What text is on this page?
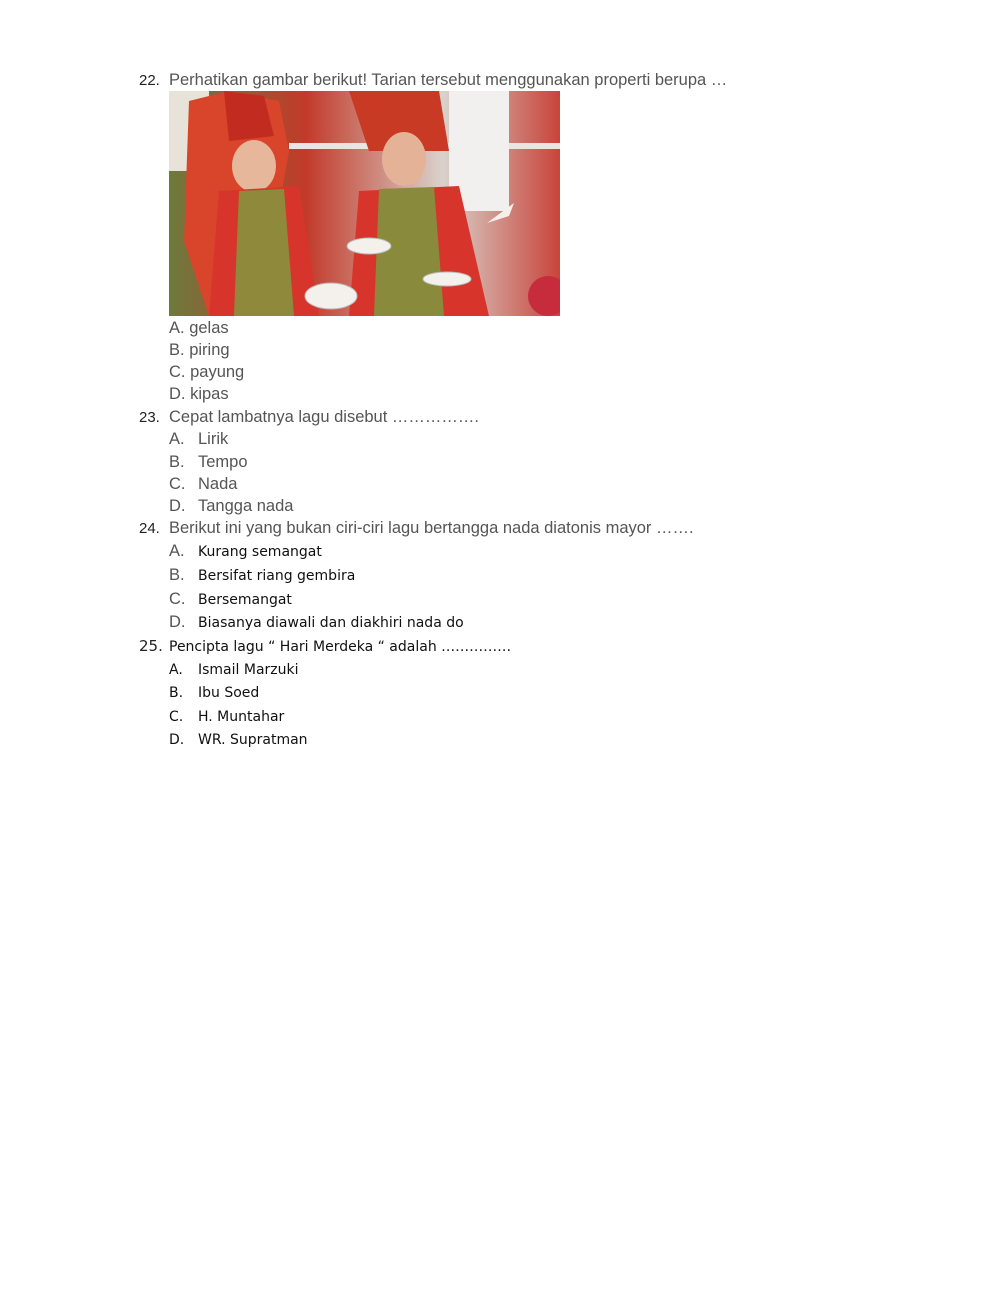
22. Perhatikan gambar berikut! Tarian tersebut menggunakan properti berupa …
A. gelas
B. piring
C. payung
D. kipas
23. Cepat lambatnya lagu disebut …………….
A. Lirik
B. Tempo
C. Nada
D. Tangga nada
24. Berikut ini yang bukan ciri-ciri lagu bertangga nada diatonis mayor …….
A. Kurang semangat
B. Bersifat riang gembira
C. Bersemangat
D. Biasanya diawali dan diakhiri nada do
25. Pencipta lagu “ Hari Merdeka “ adalah ……………
A. Ismail Marzuki
B. Ibu Soed
C. H. Muntahar
D. WR. Supratman
